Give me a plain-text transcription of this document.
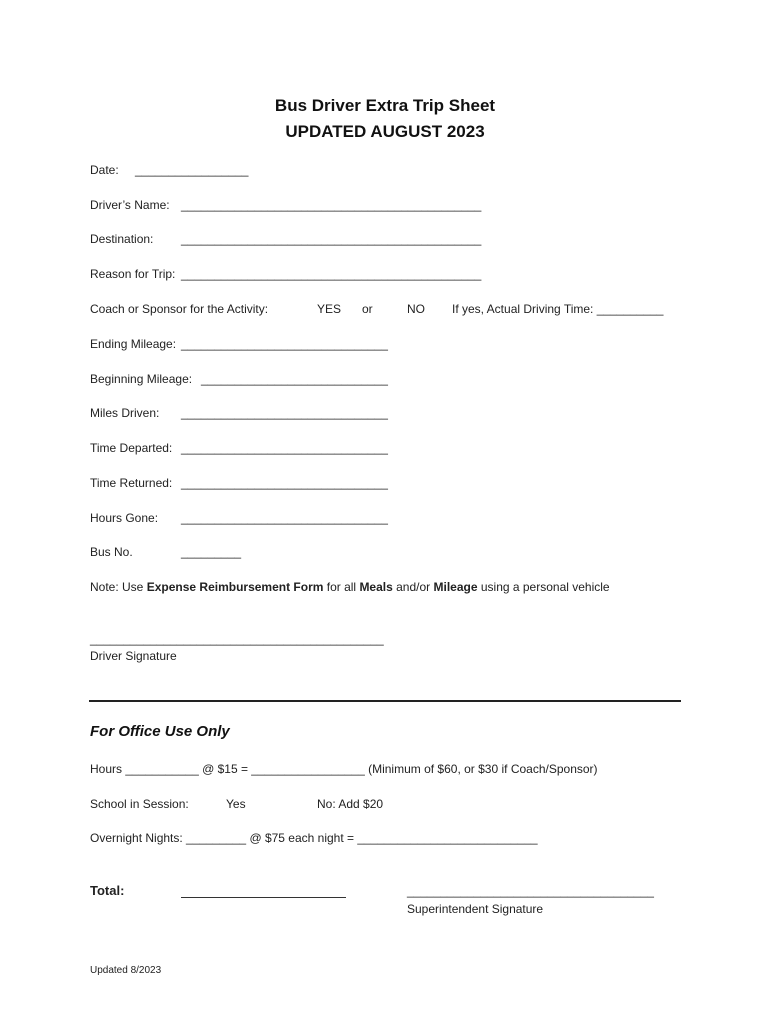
Bus Driver Extra Trip Sheet
UPDATED AUGUST 2023
Date: _________________
Driver’s Name: _____________________________________________
Destination: _____________________________________________
Reason for Trip: _____________________________________________
Coach or Sponsor for the Activity:	YES or	NO If yes, Actual Driving Time: __________
Ending Mileage: _______________________________
Beginning Mileage: ____________________________
Miles Driven: _______________________________
Time Departed: _______________________________
Time Returned: _______________________________
Hours Gone: _______________________________
Bus No.	_________
Note: Use Expense Reimbursement Form for all Meals and/or Mileage using a personal vehicle
____________________________________________
Driver Signature
For Office Use Only
Hours ___________ @ $15 = _________________ (Minimum of $60, or $30 if Coach/Sponsor)
School in Session:	Yes	No: Add $20
Overnight Nights: _________ @ $75 each night = ___________________________
Total:	_____________________________________
Superintendent Signature
Updated 8/2023
